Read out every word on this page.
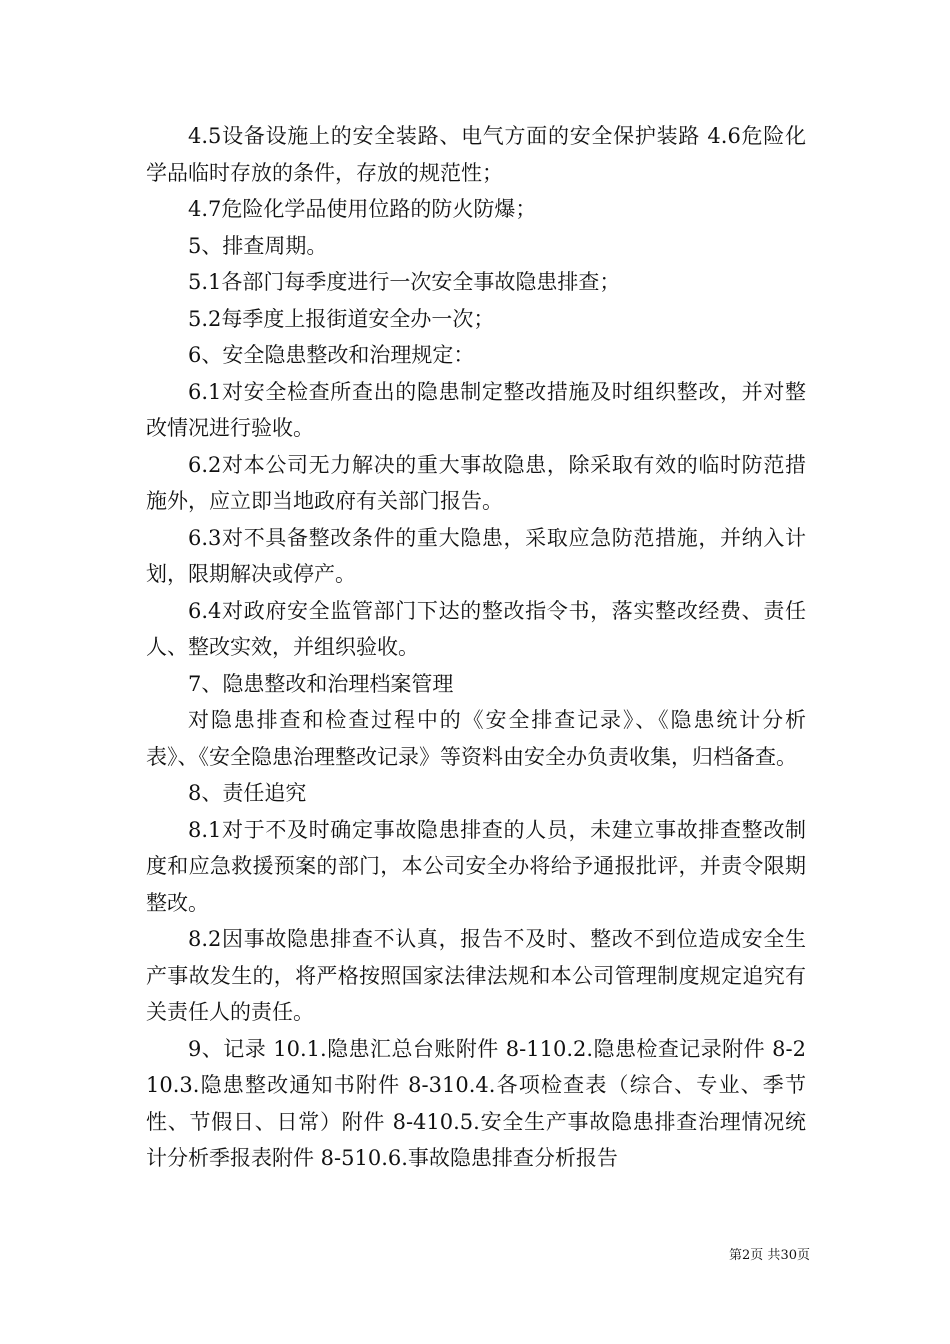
4.5设备设施上的安全装路、电气方面的安全保护装路 4.6危险化学品临时存放的条件，存放的规范性；

4.7危险化学品使用位路的防火防爆；

5、排查周期。

5.1各部门每季度进行一次安全事故隐患排查；

5.2每季度上报街道安全办一次；

6、安全隐患整改和治理规定：

6.1对安全检查所查出的隐患制定整改措施及时组织整改，并对整改情况进行验收。

6.2对本公司无力解决的重大事故隐患，除采取有效的临时防范措施外，应立即当地政府有关部门报告。

6.3对不具备整改条件的重大隐患，采取应急防范措施，并纳入计划，限期解决或停产。

6.4对政府安全监管部门下达的整改指令书，落实整改经费、责任人、整改实效，并组织验收。

7、隐患整改和治理档案管理

对隐患排查和检查过程中的《安全排查记录》、《隐患统计分析表》、《安全隐患治理整改记录》等资料由安全办负责收集，归档备查。

8、责任追究

8.1对于不及时确定事故隐患排查的人员，未建立事故排查整改制度和应急救援预案的部门，本公司安全办将给予通报批评，并责令限期整改。

8.2因事故隐患排查不认真，报告不及时、整改不到位造成安全生产事故发生的，将严格按照国家法律法规和本公司管理制度规定追究有关责任人的责任。

9、记录 10.1.隐患汇总台账附件 8-110.2.隐患检查记录附件 8-210.3.隐患整改通知书附件 8-310.4.各项检查表（综合、专业、季节性、节假日、日常）附件 8-410.5.安全生产事故隐患排查治理情况统计分析季报表附件 8-510.6.事故隐患排查分析报告

第2页 共30页
